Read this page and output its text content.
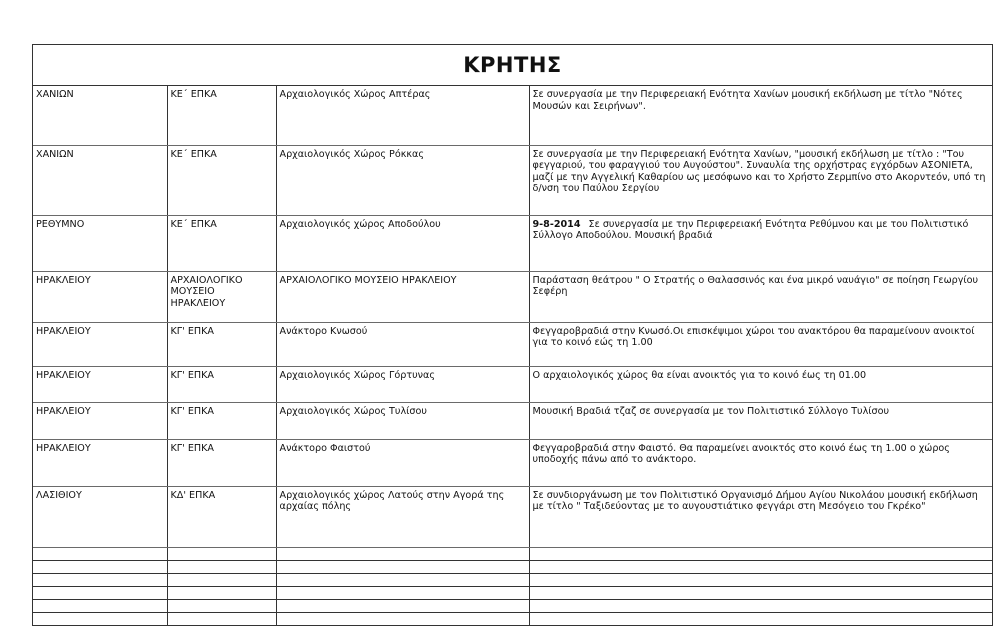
ΚΡΗΤΗΣ
ΧΑΝΙΩΝ	ΚΕ΄ ΕΠΚΑ	Αρχαιολογικός Χώρος Απτέρας	Σε συνεργασία με την Περιφερειακή Ενότητα Χανίων μουσική εκδήλωση με τίτλο "Νότες Μουσών και Σειρήνων".
ΧΑΝΙΩΝ	ΚΕ΄ ΕΠΚΑ	Αρχαιολογικός Χώρος Ρόκκας	Σε συνεργασία με την Περιφερειακή Ενότητα Χανίων, "μουσική εκδήλωση με τίτλο : "Του φεγγαριού, του φαραγγιού του Αυγούστου". Συναυλία της ορχήστρας εγχόρδων ΑΣΟΝΙΕΤΑ, μαζί με την Αγγελική Καθαρίου ως μεσόφωνο και το Χρήστο Ζερμπίνο στο Ακορντεόν, υπό τη δ/νση του Παύλου Σεργίου
ΡΕΘΥΜΝΟ	ΚΕ΄ ΕΠΚΑ	Αρχαιολογικός χώρος Αποδούλου	9-8-2014 Σε συνεργασία με την Περιφερειακή Ενότητα Ρεθύμνου και με του Πολιτιστικό Σύλλογο Αποδούλου. Μουσική βραδιά
ΗΡΑΚΛΕΙΟΥ	ΑΡΧΑΙΟΛΟΓΙΚΟ ΜΟΥΣΕΙΟ ΗΡΑΚΛΕΙΟΥ	ΑΡΧΑΙΟΛΟΓΙΚΟ ΜΟΥΣΕΙΟ ΗΡΑΚΛΕΙΟΥ	Παράσταση θεάτρου " Ο Στρατής ο Θαλασσινός και ένα μικρό ναυάγιο" σε ποίηση Γεωργίου Σεφέρη
ΗΡΑΚΛΕΙΟΥ	ΚΓ' ΕΠΚΑ	Ανάκτορο Κνωσού	Φεγγαροβραδιά στην Κνωσό.Οι επισκέψιμοι χώροι του ανακτόρου θα παραμείνουν ανοικτοί για το κοινό εώς τη 1.00
ΗΡΑΚΛΕΙΟΥ	ΚΓ' ΕΠΚΑ	Αρχαιολογικός Χώρος Γόρτυνας	Ο αρχαιολογικός χώρος θα είναι ανοικτός για το κοινό έως τη 01.00
ΗΡΑΚΛΕΙΟΥ	ΚΓ' ΕΠΚΑ	Αρχαιολογικός Χώρος Τυλίσου	Μουσική Βραδιά τζαζ σε συνεργασία με τον Πολιτιστικό Σύλλογο Τυλίσου
ΗΡΑΚΛΕΙΟΥ	ΚΓ' ΕΠΚΑ	Ανάκτορο Φαιστού	Φεγγαροβραδιά στην Φαιστό. Θα παραμείνει ανοικτός στο κοινό έως τη 1.00 ο χώρος υποδοχής πάνω από το ανάκτορο.
ΛΑΣΙΘΙΟΥ	ΚΔ' ΕΠΚΑ	Αρχαιολογικός χώρος Λατούς στην Αγορά της αρχαίας πόλης	Σε συνδιοργάνωση με τον Πολιτιστικό Οργανισμό Δήμου Αγίου Νικολάου μουσική εκδήλωση με τίτλο " Ταξιδεύοντας με το αυγουστιάτικο φεγγάρι στη Μεσόγειο του Γκρέκο"
